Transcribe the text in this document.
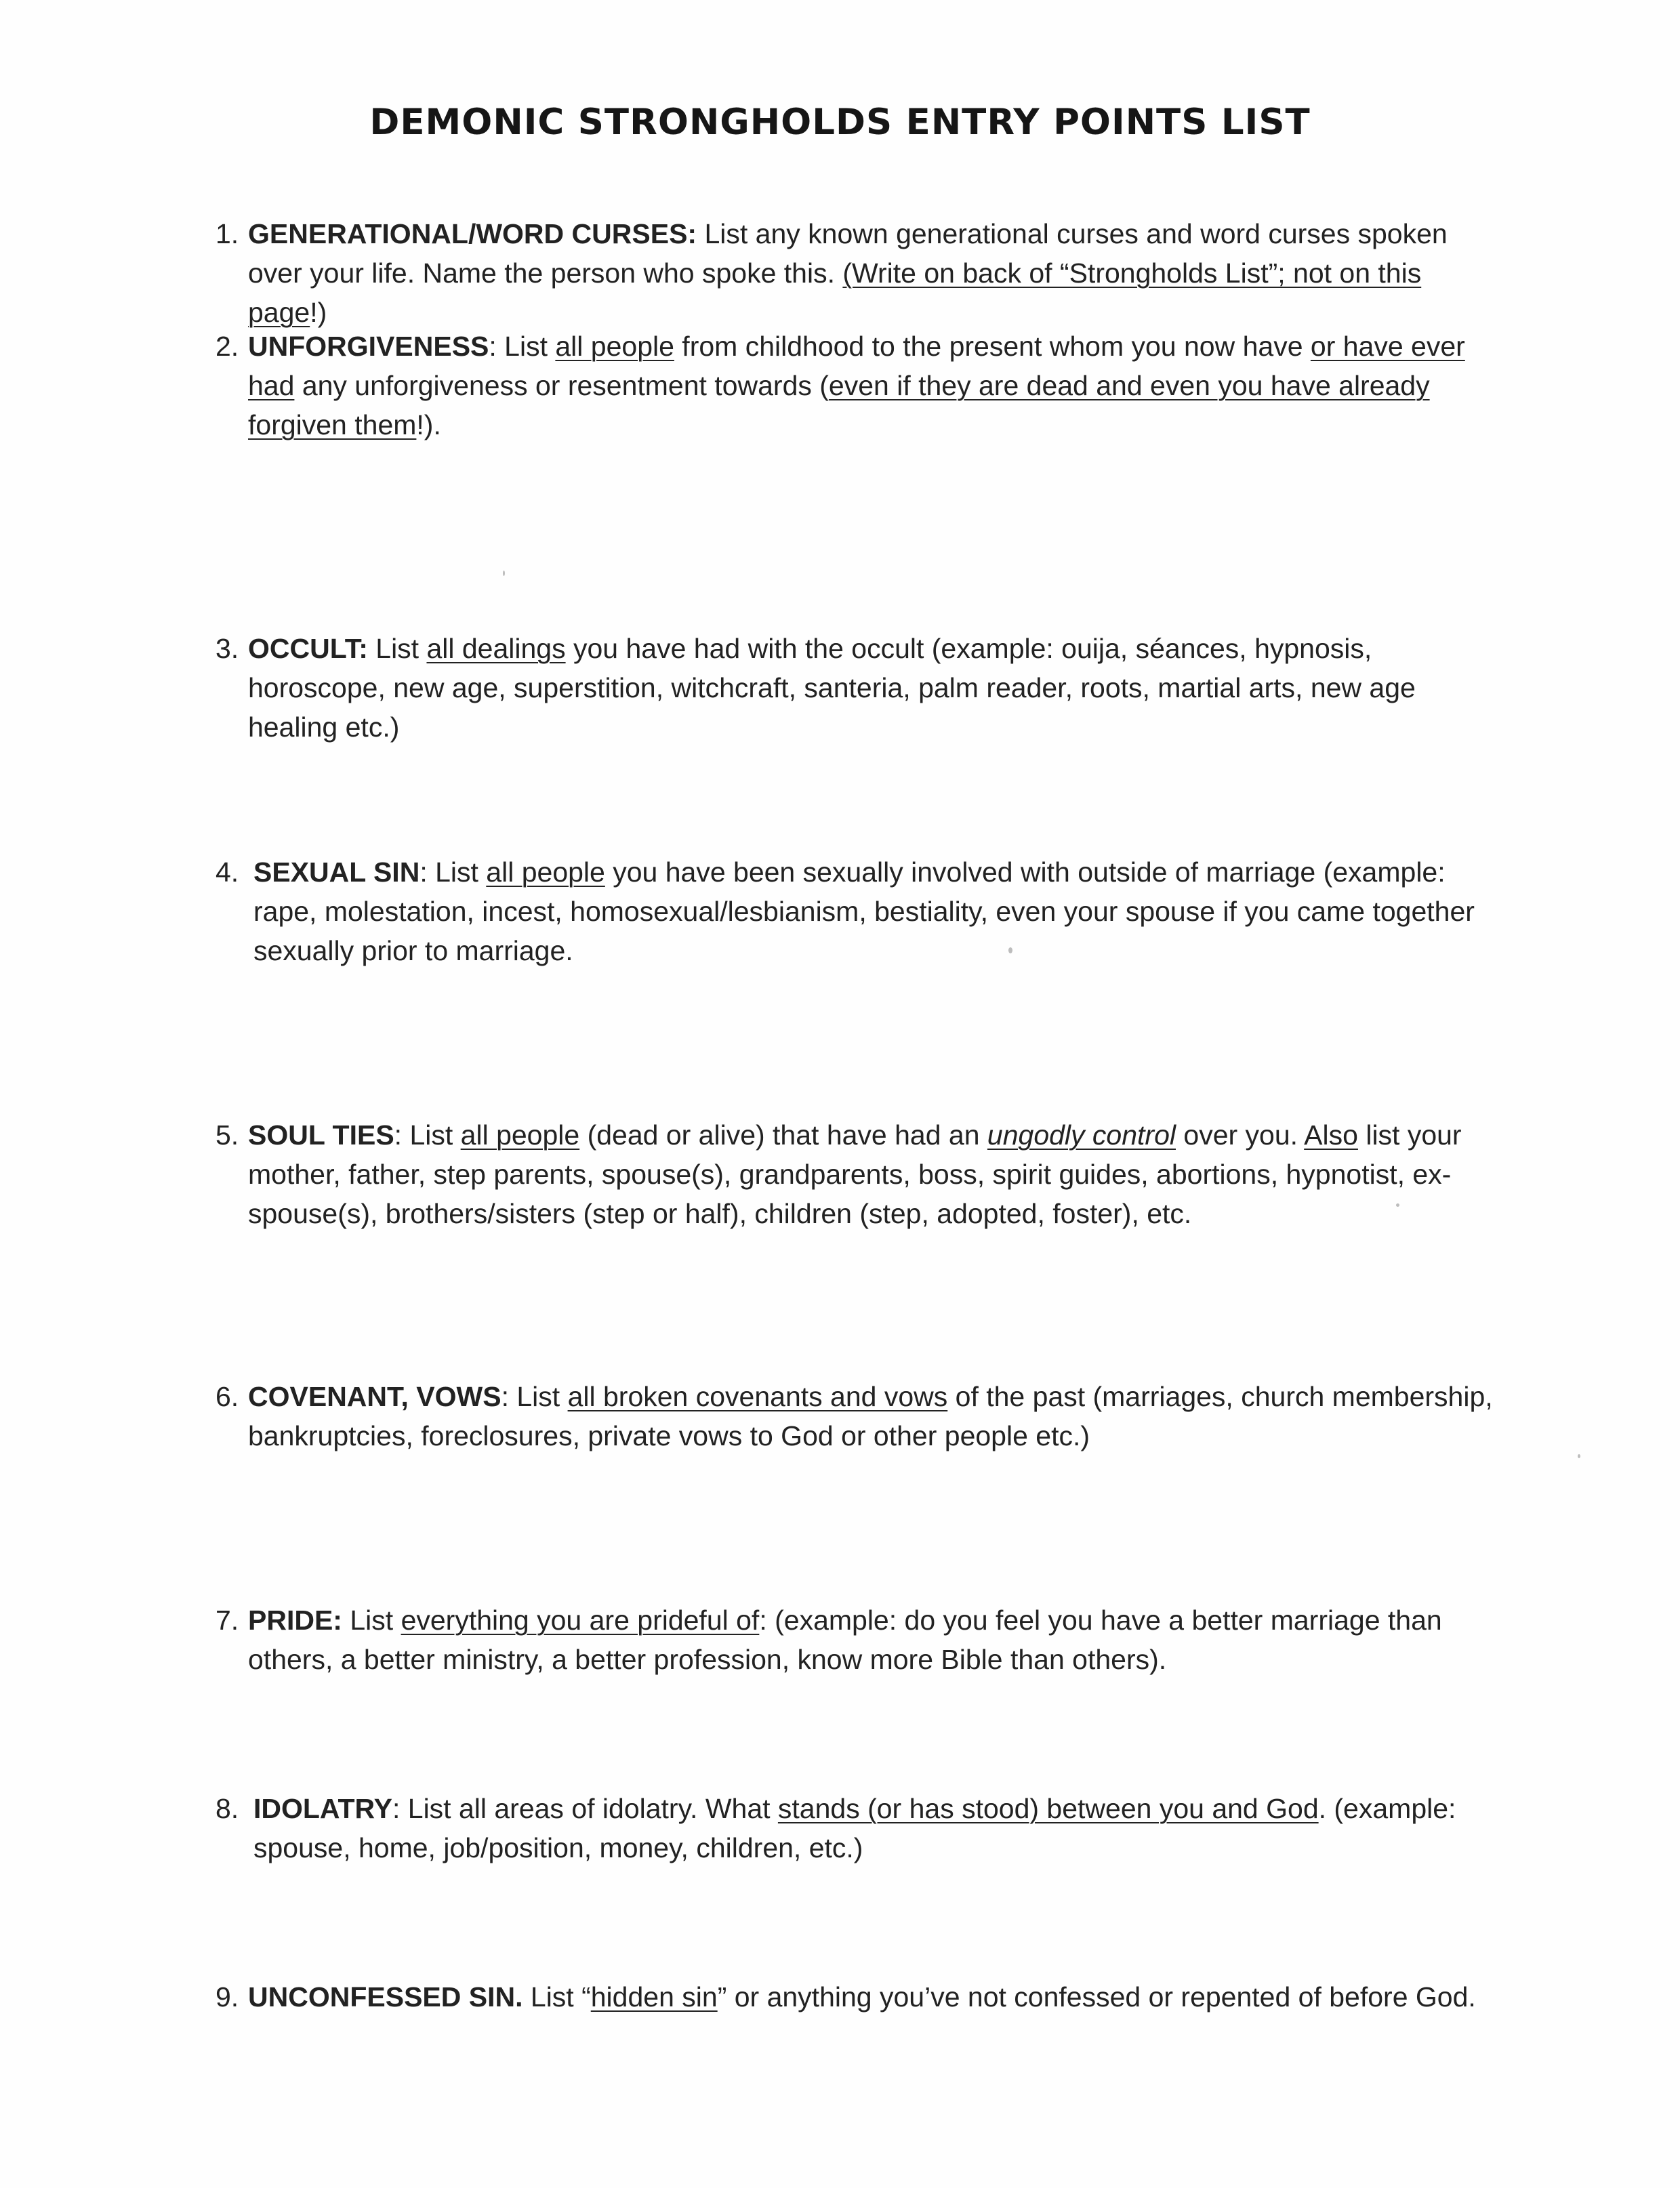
DEMONIC STRONGHOLDS ENTRY POINTS LIST
1. GENERATIONAL/WORD CURSES: List any known generational curses and word curses spoken over your life. Name the person who spoke this. (Write on back of “Strongholds List”; not on this page!)
2. UNFORGIVENESS: List all people from childhood to the present whom you now have or have ever had any unforgiveness or resentment towards (even if they are dead and even you have already forgiven them!).
3. OCCULT: List all dealings you have had with the occult (example: ouija, séances, hypnosis, horoscope, new age, superstition, witchcraft, santeria, palm reader, roots, martial arts, new age healing etc.)
4. SEXUAL SIN: List all people you have been sexually involved with outside of marriage (example: rape, molestation, incest, homosexual/lesbianism, bestiality, even your spouse if you came together sexually prior to marriage.
5. SOUL TIES: List all people (dead or alive) that have had an ungodly control over you. Also list your mother, father, step parents, spouse(s), grandparents, boss, spirit guides, abortions, hypnotist, ex-spouse(s), brothers/sisters (step or half), children (step, adopted, foster), etc.
6. COVENANT, VOWS: List all broken covenants and vows of the past (marriages, church membership, bankruptcies, foreclosures, private vows to God or other people etc.)
7. PRIDE: List everything you are prideful of: (example: do you feel you have a better marriage than others, a better ministry, a better profession, know more Bible than others).
8. IDOLATRY: List all areas of idolatry. What stands (or has stood) between you and God. (example: spouse, home, job/position, money, children, etc.)
9. UNCONFESSED SIN. List “hidden sin” or anything you’ve not confessed or repented of before God.
